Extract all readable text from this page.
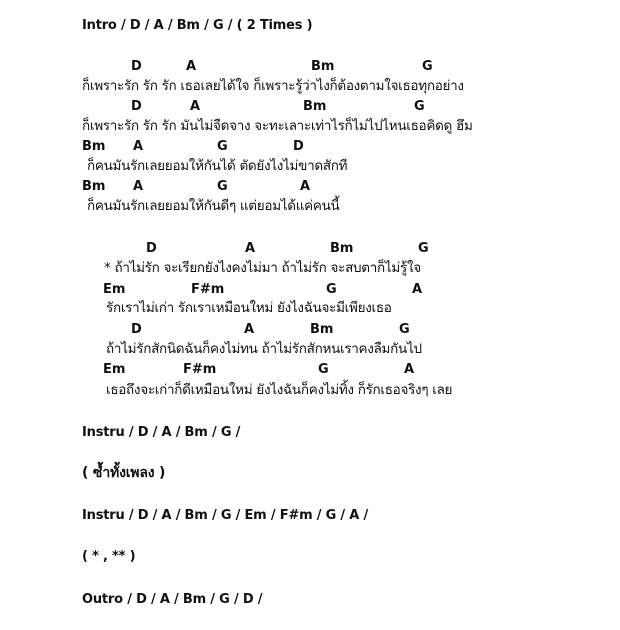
Intro / D / A / Bm / G / ( 2 Times )
D	A	Bm	G
ก็เพราะรัก รัก รัก เธอเลยได้ใจ ก็เพราะรู้ว่าไงก็ต้องตามใจเธอทุกอย่าง
D	A	Bm	G
ก็เพราะรัก รัก รัก มันไม่จืดจาง จะทะเลาะเท่าไรก็ไม่ไปไหนเธอคิดดู ฮึม
Bm A	G	D
ก็คนมันรักเลยยอมให้กันได้ ตัดยังไงไม่ขาดสักที
Bm A	G	A
ก็คนมันรักเลยยอมให้กันดีๆ แต่ยอมได้แค่คนนี้
D	A	Bm	G
* ถ้าไม่รัก จะเรียกยังไงคงไม่มา ถ้าไม่รัก จะสบตาก็ไม่รู้ใจ
Em	F#m	G	A
รักเราไม่เก่า รักเราเหมือนใหม่ ยังไงฉันจะมีเพียงเธอ
D	A	Bm	G
ถ้าไม่รักสักนิดฉันก็คงไม่ทน ถ้าไม่รักสักหนเราคงลืมกันไป
Em	F#m	G	A
เธอถึงจะเก่าก็ดีเหมือนใหม่ ยังไงฉันก็คงไม่ทิ้ง ก็รักเธอจริงๆ เลย
Instru / D / A / Bm / G /
( ซ้ำทั้งเพลง )
Instru / D / A / Bm / G / Em / F#m / G / A /
( * , ** )
Outro / D / A / Bm / G / D /
